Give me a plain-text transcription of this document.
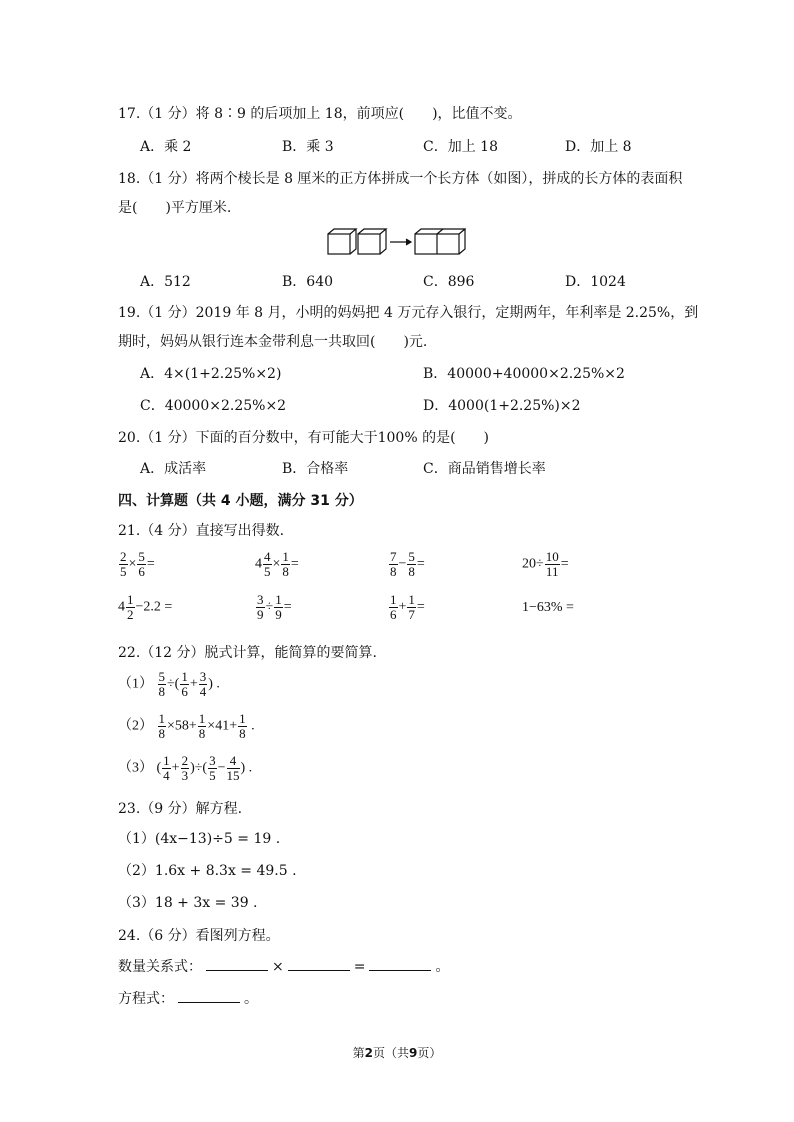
17.（1 分）将 8∶9 的后项加上 18，前项应(　　)，比值不变。
A．乘 2	B．乘 3	C．加上 18	D．加上 8
18.（1 分）将两个棱长是 8 厘米的正方体拼成一个长方体（如图），拼成的长方体的表面积
是(　　)平方厘米.
A．512	B．640	C．896	D．1024
19.（1 分）2019 年 8 月，小明的妈妈把 4 万元存入银行，定期两年，年利率是 2.25%，到
期时，妈妈从银行连本金带利息一共取回(　　)元.
A．4×(1+2.25%×2)	B．40000+40000×2.25%×2
C．40000×2.25%×2	D．4000(1+2.25%)×2
20.（1 分）下面的百分数中，有可能大于100% 的是(　　)
A．成活率	B．合格率	C．商品销售增长率
四、计算题（共 4 小题，满分 31 分）
21.（4 分）直接写出得数.
$\frac{2}{5} \times \frac{5}{6}$ =	$4 \frac{4}{5} \times \frac{1}{8}$ =	$\frac{7}{8} - \frac{5}{8}$ =	$20\div \frac{10}{11}$ =
$4 \frac{1}{2} -2.2$ =	$\frac{3}{9} \div \frac{1}{9}$ =	$\frac{1}{6} + \frac{1}{7}$ =	1−63% =
22.（12 分）脱式计算，能简算的要简算.
$(1) \frac{5}{8}$ ÷( $\frac{1}{6} + \frac{3}{4}$ ) .
$(2) \frac{1}{8} \times 58+ \frac{1}{8} \times 41+ \frac{1}{8}$ .
（3） ( $\frac{1}{4} + \frac{2}{3}$ )÷( $\frac{3}{5} - \frac{4}{15}$ ) .
23.（9 分）解方程.
（1）(4x−13)÷5 = 19 .
（2）1.6x + 8.3x = 49.5 .
（3）18 + 3x = 39 .
24.（6 分）看图列方程。
数量关系式：	×	=	。
方程式：	。
第2页（共9页）
